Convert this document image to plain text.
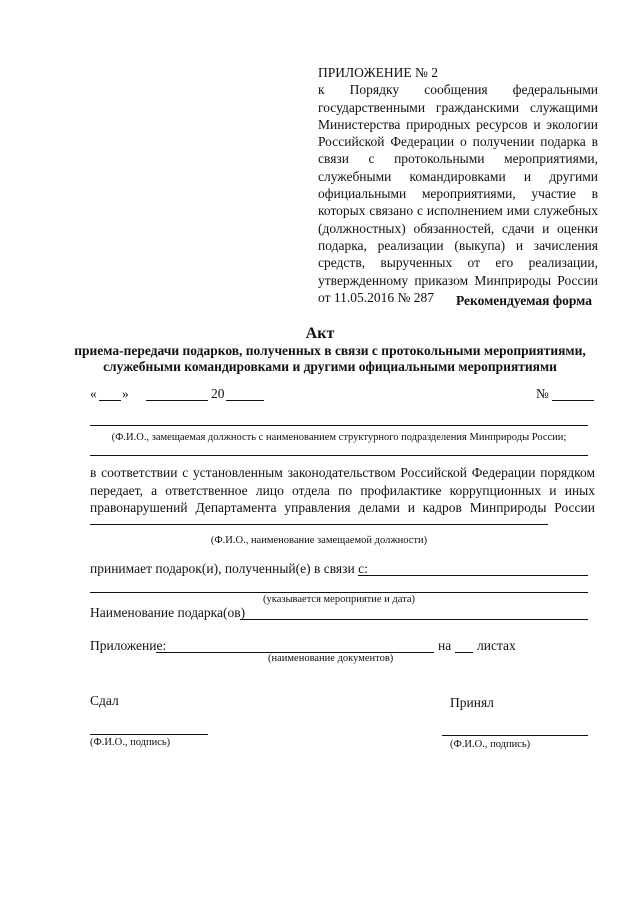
ПРИЛОЖЕНИЕ № 2
к Порядку сообщения федеральными
государственными гражданскими служащими
Министерства природных ресурсов и экологии
Российской Федерации о получении подарка в
связи с протокольными мероприятиями,
служебными командировками и другими
официальными мероприятиями, участие в
которых связано с исполнением ими служебных
(должностных) обязанностей, сдачи и оценки
подарка, реализации (выкупа) и зачисления
средств, вырученных от его реализации,
утвержденному приказом Минприроды России
от 11.05.2016 № 287	Рекомендуемая форма
Акт
приема-передачи подарков, полученных в связи с протокольными мероприятиями,
служебными командировками и другими официальными мероприятиями
« »	20	№
(Ф.И.О., замещаемая должность с наименованием структурного подразделения Минприроды России;
в соответствии с установленным законодательством Российской Федерации порядком
передает, а ответственное лицо отдела по профилактике коррупционных и иных
правонарушений Департамента управления делами и кадров Минприроды России
(Ф.И.О., наименование замещаемой должности)
принимает подарок(и), полученный(е) в связи с:
(указывается мероприятие и дата)
Наименование подарка(ов)
Приложение:	на листах
(наименование документов)
Сдал	Принял
(Ф.И.О., подпись)	(Ф.И.О., подпись)
